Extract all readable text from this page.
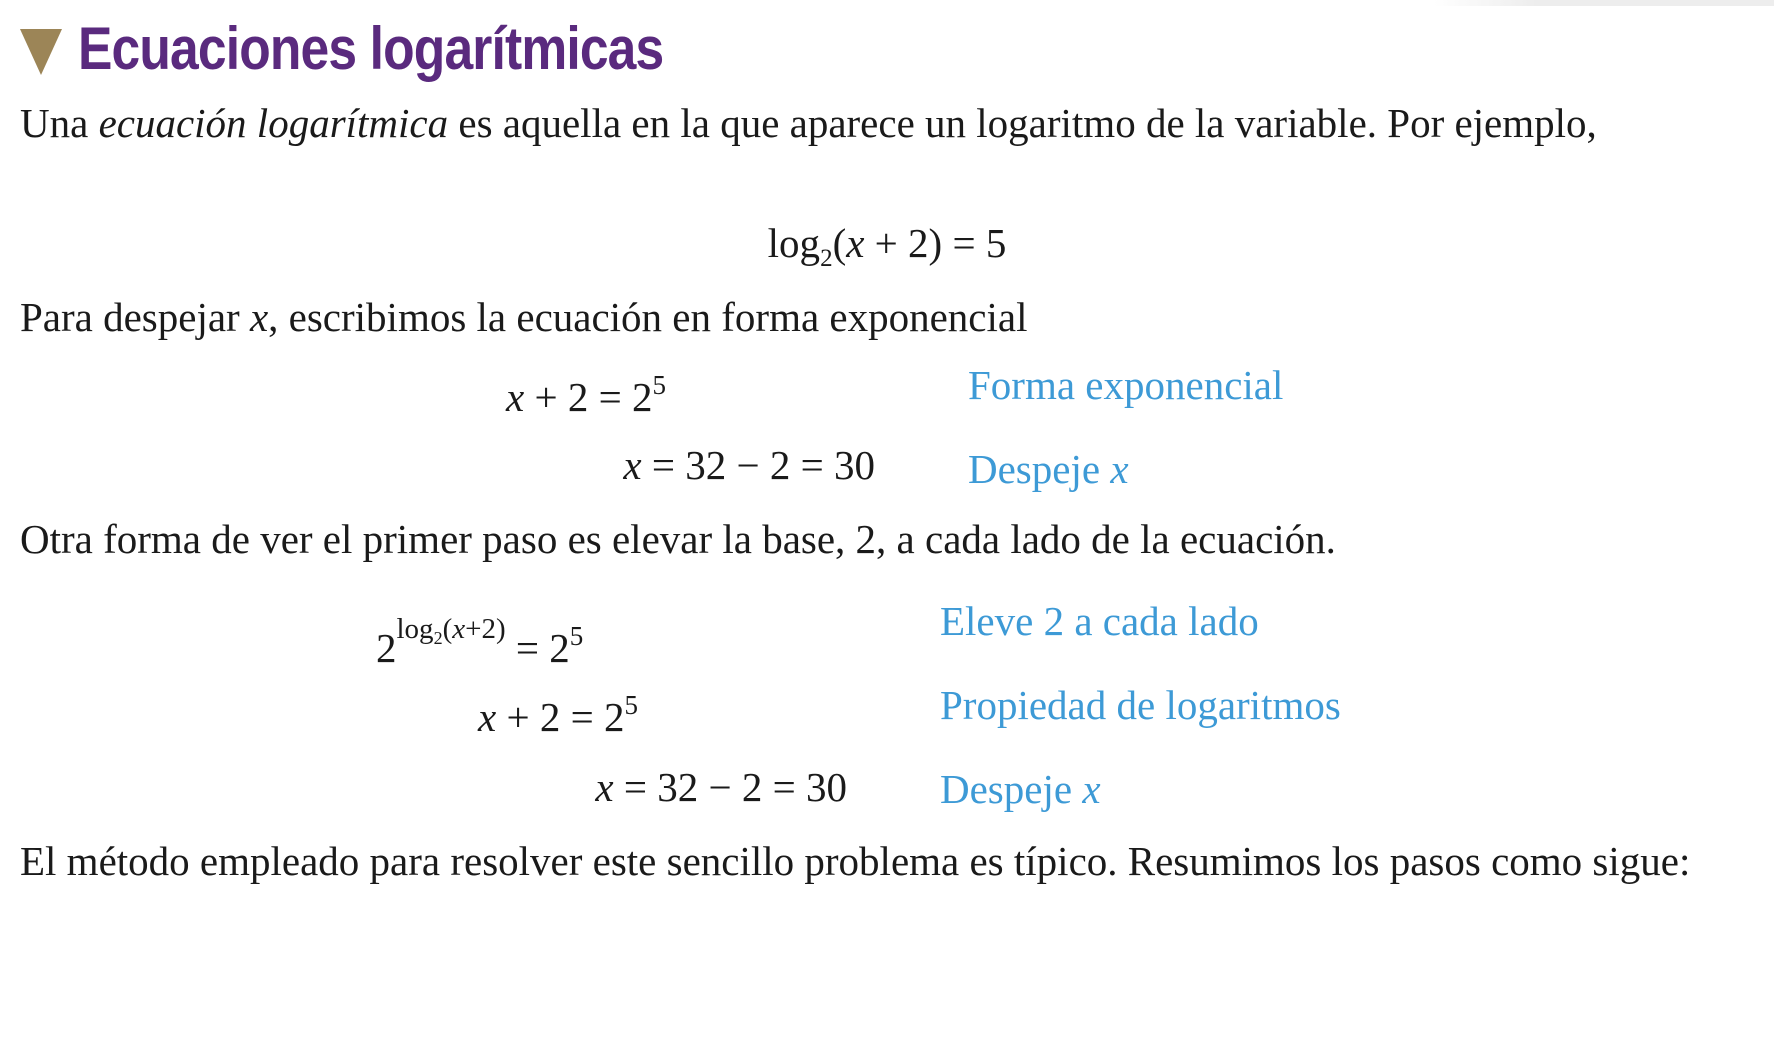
Ecuaciones logarítmicas
Una ecuación logarítmica es aquella en la que aparece un logaritmo de la variable. Por ejemplo,
$\log_2(x + 2) = 5$
Para despejar x, escribimos la ecuación en forma exponencial
$x + 2 = 2^5$	Forma exponencial
x = 32 − 2 = 30 Despeje x
Otra forma de ver el primer paso es elevar la base, 2, a cada lado de la ecuación.
$2^{log_2(x+2)} = 2^5$	Eleve 2 a cada lado
$x + 2 = 2^5$	Propiedad de logaritmos
x = 32 − 2 = 30 Despeje x
El método empleado para resolver este sencillo problema es típico. Resumimos los pasos como sigue:
